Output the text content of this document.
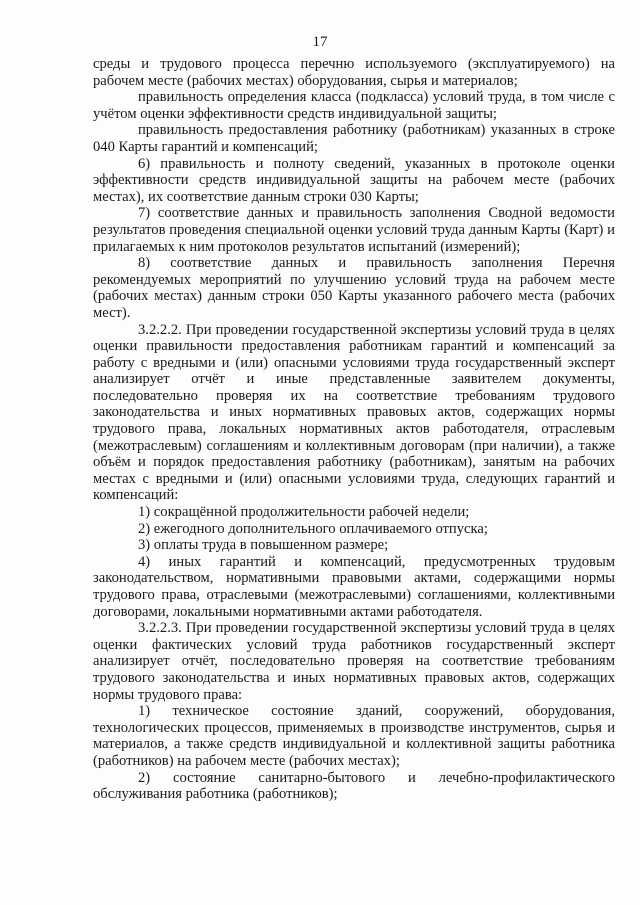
17

среды и трудового процесса перечню используемого (эксплуатируемого) на рабочем месте (рабочих местах) оборудования, сырья и материалов;

правильность определения класса (подкласса) условий труда, в том числе с учётом оценки эффективности средств индивидуальной защиты;

правильность предоставления работнику (работникам) указанных в строке 040 Карты гарантий и компенсаций;

6) правильность и полноту сведений, указанных в протоколе оценки эффективности средств индивидуальной защиты на рабочем месте (рабочих местах), их соответствие данным строки 030 Карты;

7) соответствие данных и правильность заполнения Сводной ведомости результатов проведения специальной оценки условий труда данным Карты (Карт) и прилагаемых к ним протоколов результатов испытаний (измерений);

8) соответствие данных и правильность заполнения Перечня рекомендуемых мероприятий по улучшению условий труда на рабочем месте (рабочих местах) данным строки 050 Карты указанного рабочего места (рабочих мест).

3.2.2.2. При проведении государственной экспертизы условий труда в целях оценки правильности предоставления работникам гарантий и компенсаций за работу с вредными и (или) опасными условиями труда государственный эксперт анализирует отчёт и иные представленные заявителем документы, последовательно проверяя их на соответствие требованиям трудового законодательства и иных нормативных правовых актов, содержащих нормы трудового права, локальных нормативных актов работодателя, отраслевым (межотраслевым) соглашениям и коллективным договорам (при наличии), а также объём и порядок предоставления работнику (работникам), занятым на рабочих местах с вредными и (или) опасными условиями труда, следующих гарантий и компенсаций:

1) сокращённой продолжительности рабочей недели;

2) ежегодного дополнительного оплачиваемого отпуска;

3) оплаты труда в повышенном размере;

4) иных гарантий и компенсаций, предусмотренных трудовым законодательством, нормативными правовыми актами, содержащими нормы трудового права, отраслевыми (межотраслевыми) соглашениями, коллективными договорами, локальными нормативными актами работодателя.

3.2.2.3. При проведении государственной экспертизы условий труда в целях оценки фактических условий труда работников государственный эксперт анализирует отчёт, последовательно проверяя на соответствие требованиям трудового законодательства и иных нормативных правовых актов, содержащих нормы трудового права:

1) техническое состояние зданий, сооружений, оборудования, технологических процессов, применяемых в производстве инструментов, сырья и материалов, а также средств индивидуальной и коллективной защиты работника (работников) на рабочем месте (рабочих местах);

2) состояние санитарно-бытового и лечебно-профилактического обслуживания работника (работников);
